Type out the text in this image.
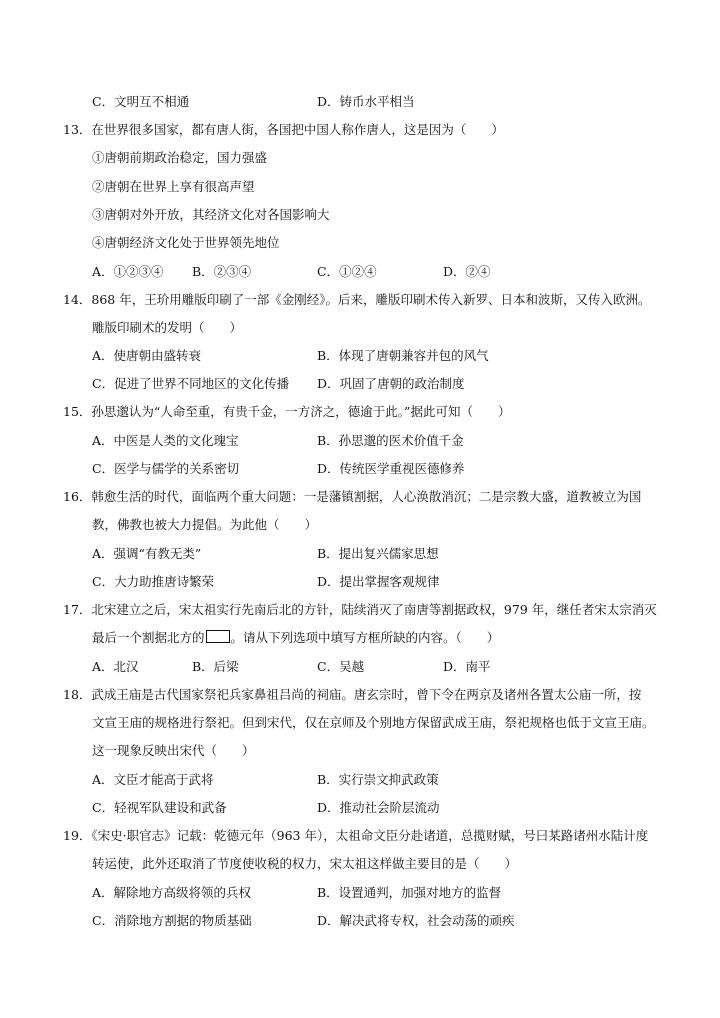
C．文明互不相通	D．铸币水平相当
13．在世界很多国家，都有唐人街，各国把中国人称作唐人，这是因为（　　）
①唐朝前期政治稳定，国力强盛
②唐朝在世界上享有很高声望
③唐朝对外开放，其经济文化对各国影响大
④唐朝经济文化处于世界领先地位
A．①②③④ B．②③④	C．①②④	D．②④
14．868 年，王玠用雕版印刷了一部《金刚经》。后来，雕版印刷术传入新罗、日本和波斯，又传入欧洲。
雕版印刷术的发明（　　）
A．使唐朝由盛转衰	B．体现了唐朝兼容并包的风气
C．促进了世界不同地区的文化传播 D．巩固了唐朝的政治制度
15．孙思邈认为“人命至重，有贵千金，一方济之，德逾于此。”据此可知（　　）
A．中医是人类的文化瑰宝	B．孙思邈的医术价值千金
C．医学与儒学的关系密切	D．传统医学重视医德修养
16．韩愈生活的时代，面临两个重大问题：一是藩镇割据，人心涣散消沉；二是宗教大盛，道教被立为国
教，佛教也被大力提倡。为此他（　　）
A．强调“有教无类”	B．提出复兴儒家思想
C．大力助推唐诗繁荣	D．提出掌握客观规律
17．北宋建立之后，宋太祖实行先南后北的方针，陆续消灭了南唐等割据政权，979 年，继任者宋太宗消灭
最后一个割据北方的 。请从下列选项中填写方框所缺的内容。（　　）
A．北汉	B．后梁	C．吴越	D．南平
18．武成王庙是古代国家祭祀兵家鼻祖吕尚的祠庙。唐玄宗时，曾下令在两京及诸州各置太公庙一所，按
文宣王庙的规格进行祭祀。但到宋代，仅在京师及个别地方保留武成王庙，祭祀规格也低于文宣王庙。
这一现象反映出宋代（　　）
A．文臣才能高于武将	B．实行崇文抑武政策
C．轻视军队建设和武备	D．推动社会阶层流动
19．《宋史·职官志》记载：乾德元年（963 年），太祖命文臣分赴诸道，总揽财赋，号曰某路诸州水陆计度
转运使，此外还取消了节度使收税的权力，宋太祖这样做主要目的是（　　）
A．解除地方高级将领的兵权	B．设置通判，加强对地方的监督
C．消除地方割据的物质基础	D．解决武将专权，社会动荡的顽疾
